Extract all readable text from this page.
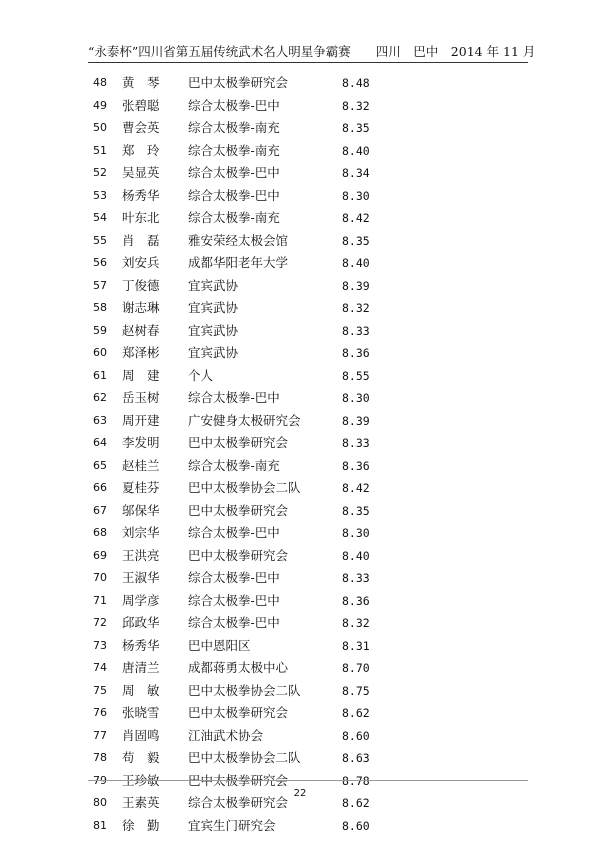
“永泰杯”四川省第五届传统武术名人明星争霸赛　　四川　巴中　2014 年 11 月
48 黄　琴 巴中太极拳研究会	8.48
49 张碧聪 综合太极拳-巴中	8.32
50 曹会英 综合太极拳-南充	8.35
51 郑　玲 综合太极拳-南充	8.40
52 吴显英 综合太极拳-巴中	8.34
53 杨秀华 综合太极拳-巴中	8.30
54 叶东北 综合太极拳-南充	8.42
55 肖　磊 雅安荣经太极会馆	8.35
56 刘安兵 成都华阳老年大学	8.40
57 丁俊德 宜宾武协	8.39
58 谢志琳 宜宾武协	8.32
59 赵树春 宜宾武协	8.33
60 郑泽彬 宜宾武协	8.36
61 周　建 个人	8.55
62 岳玉树 综合太极拳-巴中	8.30
63 周开建 广安健身太极研究会	8.39
64 李发明 巴中太极拳研究会	8.33
65 赵桂兰 综合太极拳-南充	8.36
66 夏桂芬 巴中太极拳协会二队	8.42
67 邬保华 巴中太极拳研究会	8.35
68 刘宗华 综合太极拳-巴中	8.30
69 王洪亮 巴中太极拳研究会	8.40
70 王淑华 综合太极拳-巴中	8.33
71 周学彦 综合太极拳-巴中	8.36
72 邱政华 综合太极拳-巴中	8.32
73 杨秀华 巴中恩阳区	8.31
74 唐清兰 成都蒋勇太极中心	8.70
75 周　敏 巴中太极拳协会二队	8.75
76 张晓雪 巴中太极拳研究会	8.62
77 肖固鸣 江油武术协会	8.60
78 苟　毅 巴中太极拳协会二队	8.63
79 王珍敏 巴中太极拳研究会	8.78
80 王素英 综合太极拳研究会	8.62
81 徐　勤 宜宾生门研究会	8.60
22
